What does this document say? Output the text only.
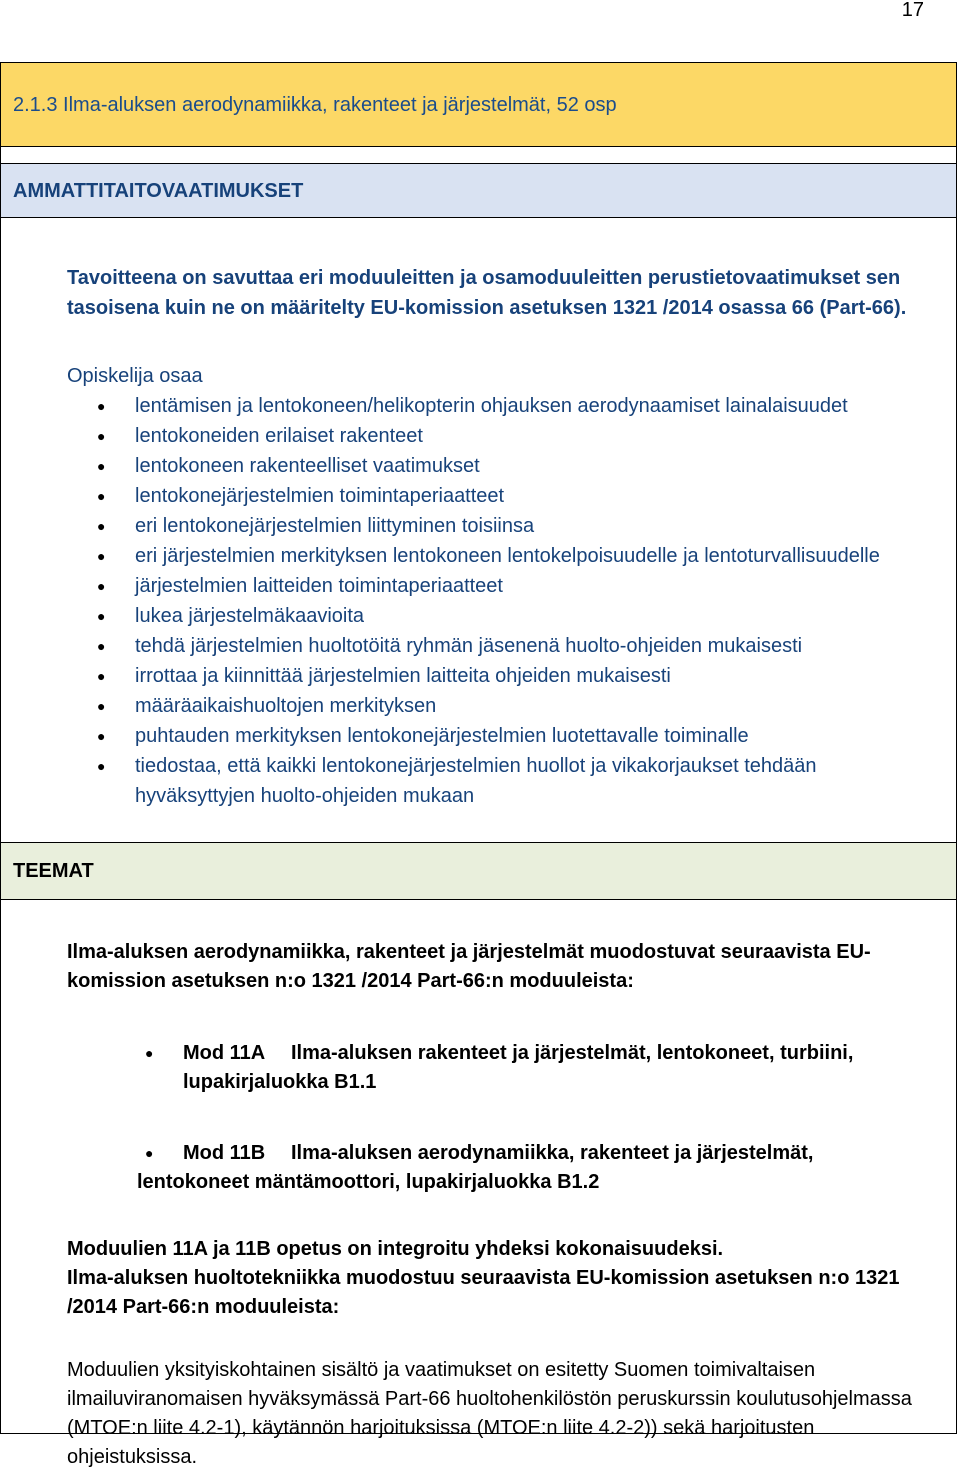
17
2.1.3 Ilma-aluksen aerodynamiikka, rakenteet ja järjestelmät, 52 osp
AMMATTITAITOVAATIMUKSET

Tavoitteena on savuttaa eri moduuleitten ja osamoduuleitten perustietovaatimukset sen tasoisena kuin ne on määritelty EU-komission asetuksen 1321 /2014 osassa 66 (Part-66).

Opiskelija osaa

● lentämisen ja lentokoneen/helikopterin ohjauksen aerodynaamiset lainalaisuudet
● lentokoneiden erilaiset rakenteet
● lentokoneen rakenteelliset vaatimukset
● lentokonejärjestelmien toimintaperiaatteet
● eri lentokonejärjestelmien liittyminen toisiinsa
● eri järjestelmien merkityksen lentokoneen lentokelpoisuudelle ja lentoturvallisuudelle
● järjestelmien laitteiden toimintaperiaatteet
● lukea järjestelmäkaavioita
● tehdä järjestelmien huoltotöitä ryhmän jäsenenä huolto-ohjeiden mukaisesti
● irrottaa ja kiinnittää järjestelmien laitteita ohjeiden mukaisesti
● määräaikaishuoltojen merkityksen
● puhtauden merkityksen lentokonejärjestelmien luotettavalle toiminalle
● tiedostaa, että kaikki lentokonejärjestelmien huollot ja vikakorjaukset tehdään hyväksyttyjen huolto-ohjeiden mukaan
TEEMAT

Ilma-aluksen aerodynamiikka, rakenteet ja järjestelmät muodostuvat seuraavista EU-komission asetuksen n:o 1321 /2014 Part-66:n moduuleista:

● Mod 11A Ilma-aluksen rakenteet ja järjestelmät, lentokoneet, turbiini,
lupakirjaluokka B1.1
●	Mod 11B Ilma-aluksen aerodynamiikka, rakenteet ja järjestelmät,
lentokoneet mäntämoottori, lupakirjaluokka B1.2

Moduulien 11A ja 11B opetus on integroitu yhdeksi kokonaisuudeksi.
Ilma-aluksen huoltotekniikka muodostuu seuraavista EU-komission asetuksen n:o 1321 /2014 Part-66:n moduuleista:

Moduulien yksityiskohtainen sisältö ja vaatimukset on esitetty Suomen toimivaltaisen ilmailuviranomaisen hyväksymässä Part-66 huoltohenkilöstön peruskurssin koulutusohjelmassa (MTOE:n liite 4.2-1), käytännön harjoituksissa (MTOE:n liite 4.2-2)) sekä harjoitusten ohjeistuksissa.
